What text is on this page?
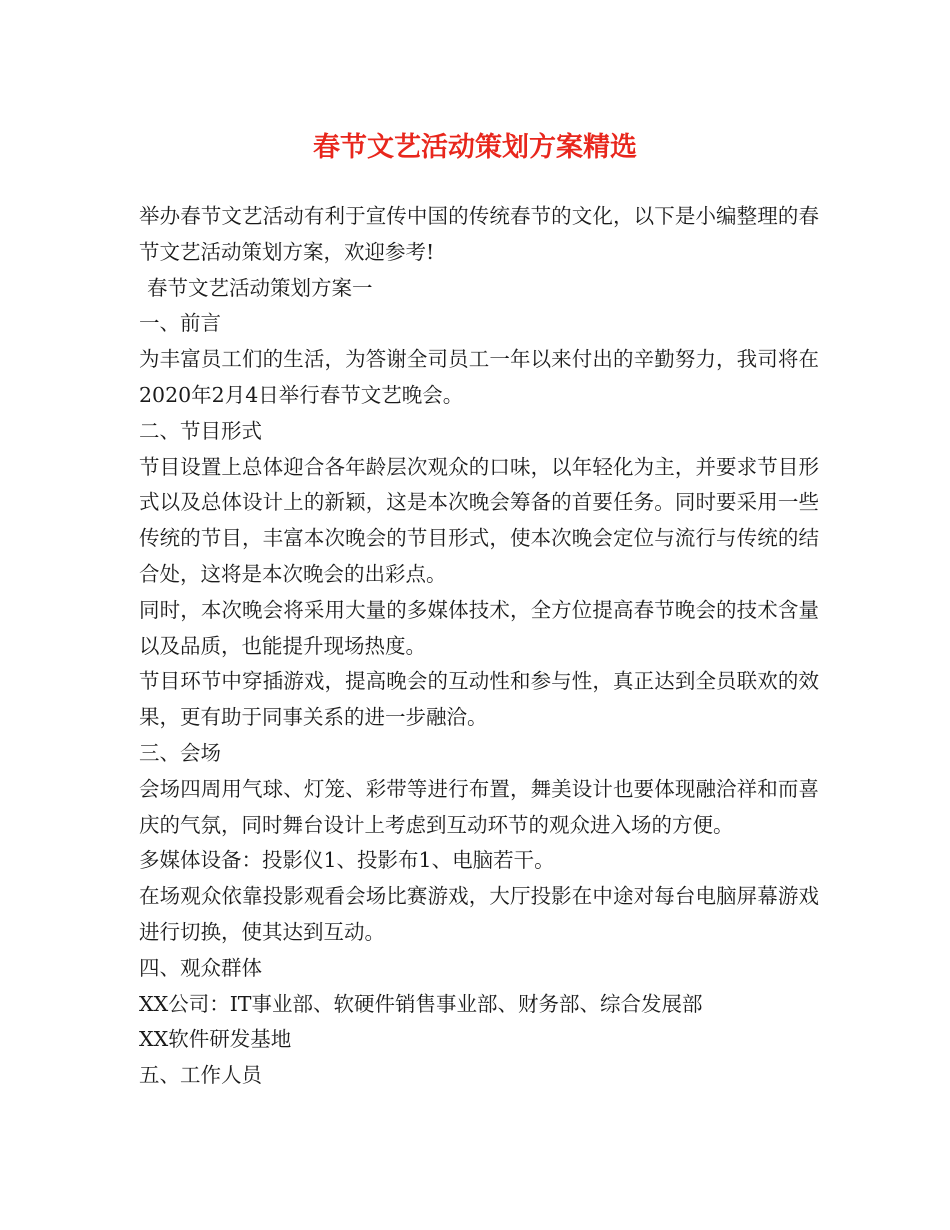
春节文艺活动策划方案精选

举办春节文艺活动有利于宣传中国的传统春节的文化，以下是小编整理的春节文艺活动策划方案，欢迎参考!

春节文艺活动策划方案一

一、前言

为丰富员工们的生活，为答谢全司员工一年以来付出的辛勤努力，我司将在2020年2月4日举行春节文艺晚会。

二、节目形式

节目设置上总体迎合各年龄层次观众的口味，以年轻化为主，并要求节目形式以及总体设计上的新颖，这是本次晚会筹备的首要任务。同时要采用一些传统的节目，丰富本次晚会的节目形式，使本次晚会定位与流行与传统的结合处，这将是本次晚会的出彩点。

同时，本次晚会将采用大量的多媒体技术，全方位提高春节晚会的技术含量以及品质，也能提升现场热度。

节目环节中穿插游戏，提高晚会的互动性和参与性，真正达到全员联欢的效果，更有助于同事关系的进一步融洽。

三、会场

会场四周用气球、灯笼、彩带等进行布置，舞美设计也要体现融洽祥和而喜庆的气氛，同时舞台设计上考虑到互动环节的观众进入场的方便。

多媒体设备：投影仪1、投影布1、电脑若干。

在场观众依靠投影观看会场比赛游戏，大厅投影在中途对每台电脑屏幕游戏进行切换，使其达到互动。

四、观众群体

XX公司：IT事业部、软硬件销售事业部、财务部、综合发展部

XX软件研发基地

五、工作人员
